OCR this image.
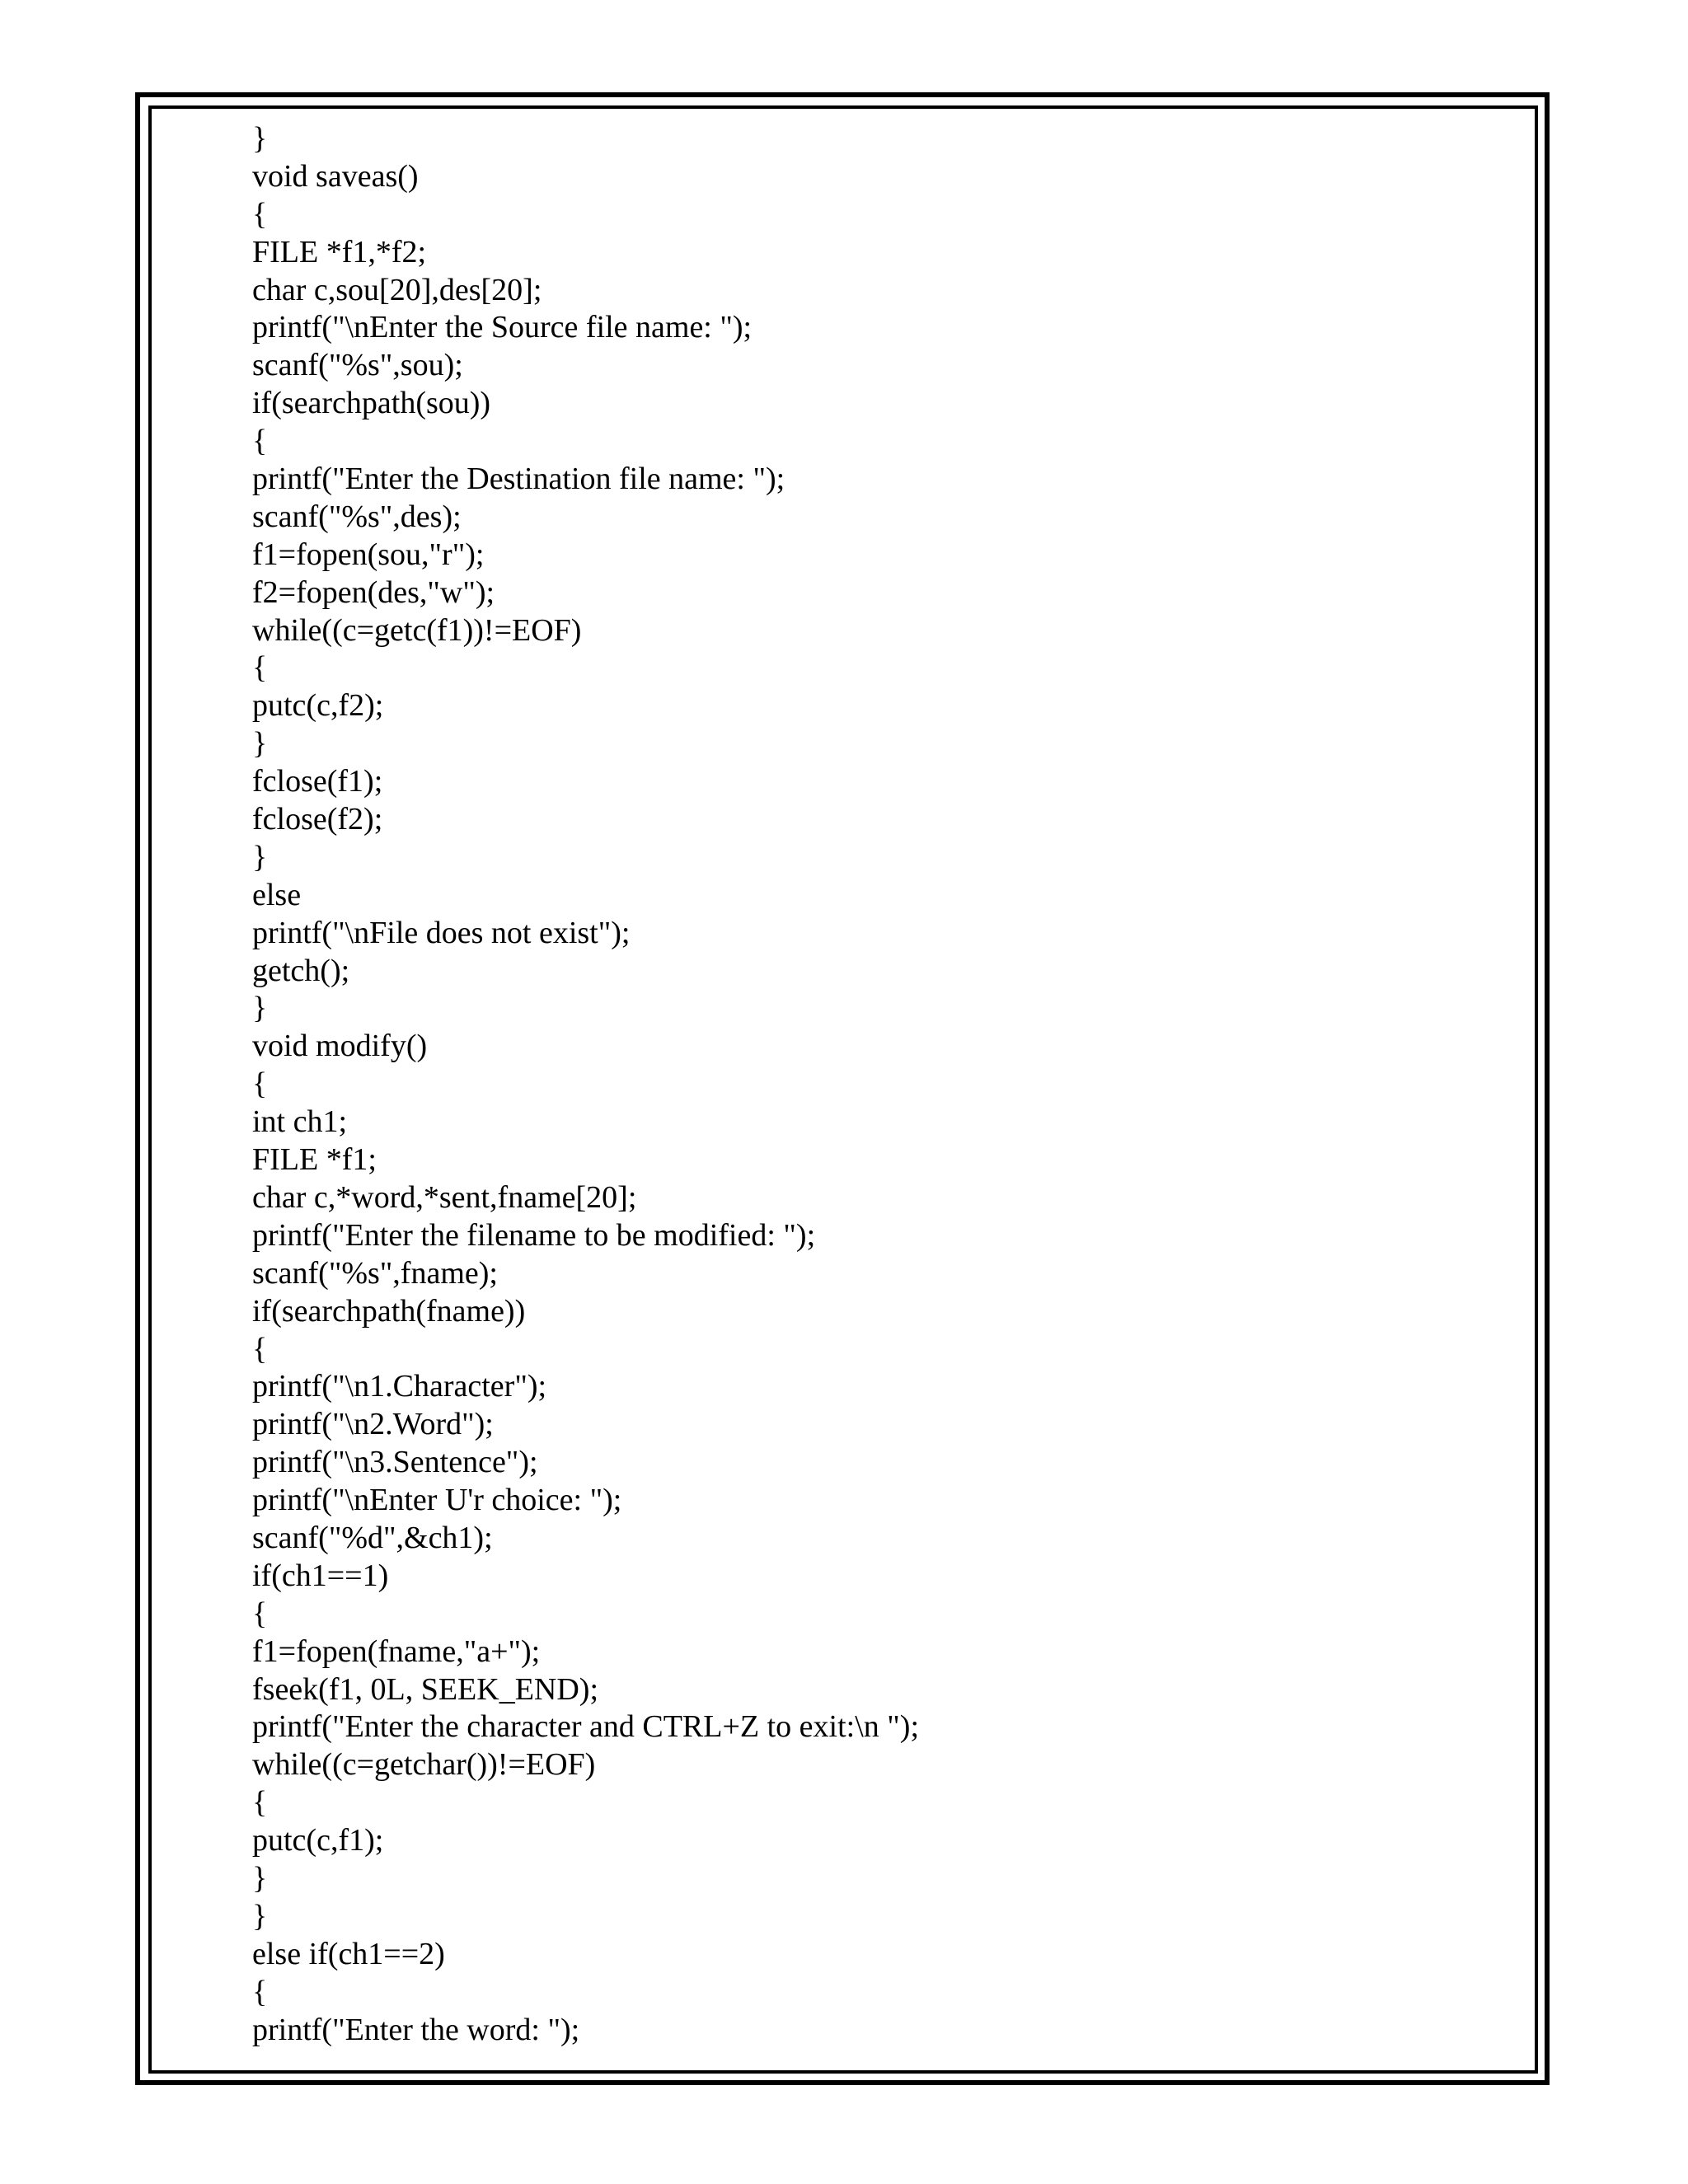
}
void saveas()
{
FILE *f1,*f2;
char c,sou[20],des[20];
printf("\nEnter the Source file name: ");
scanf("%s",sou);
if(searchpath(sou))
{
printf("Enter the Destination file name: ");
scanf("%s",des);
f1=fopen(sou,"r");
f2=fopen(des,"w");
while((c=getc(f1))!=EOF)
{
putc(c,f2);
}
fclose(f1);
fclose(f2);
}
else
printf("\nFile does not exist");
getch();
}
void modify()
{
int ch1;
FILE *f1;
char c,*word,*sent,fname[20];
printf("Enter the filename to be modified: ");
scanf("%s",fname);
if(searchpath(fname))
{
printf("\n1.Character");
printf("\n2.Word");
printf("\n3.Sentence");
printf("\nEnter U'r choice: ");
scanf("%d",&ch1);
if(ch1==1)
{
f1=fopen(fname,"a+");
fseek(f1, 0L, SEEK_END);
printf("Enter the character and CTRL+Z to exit:\n ");
while((c=getchar())!=EOF)
{
putc(c,f1);
}
}
else if(ch1==2)
{
printf("Enter the word: ");
